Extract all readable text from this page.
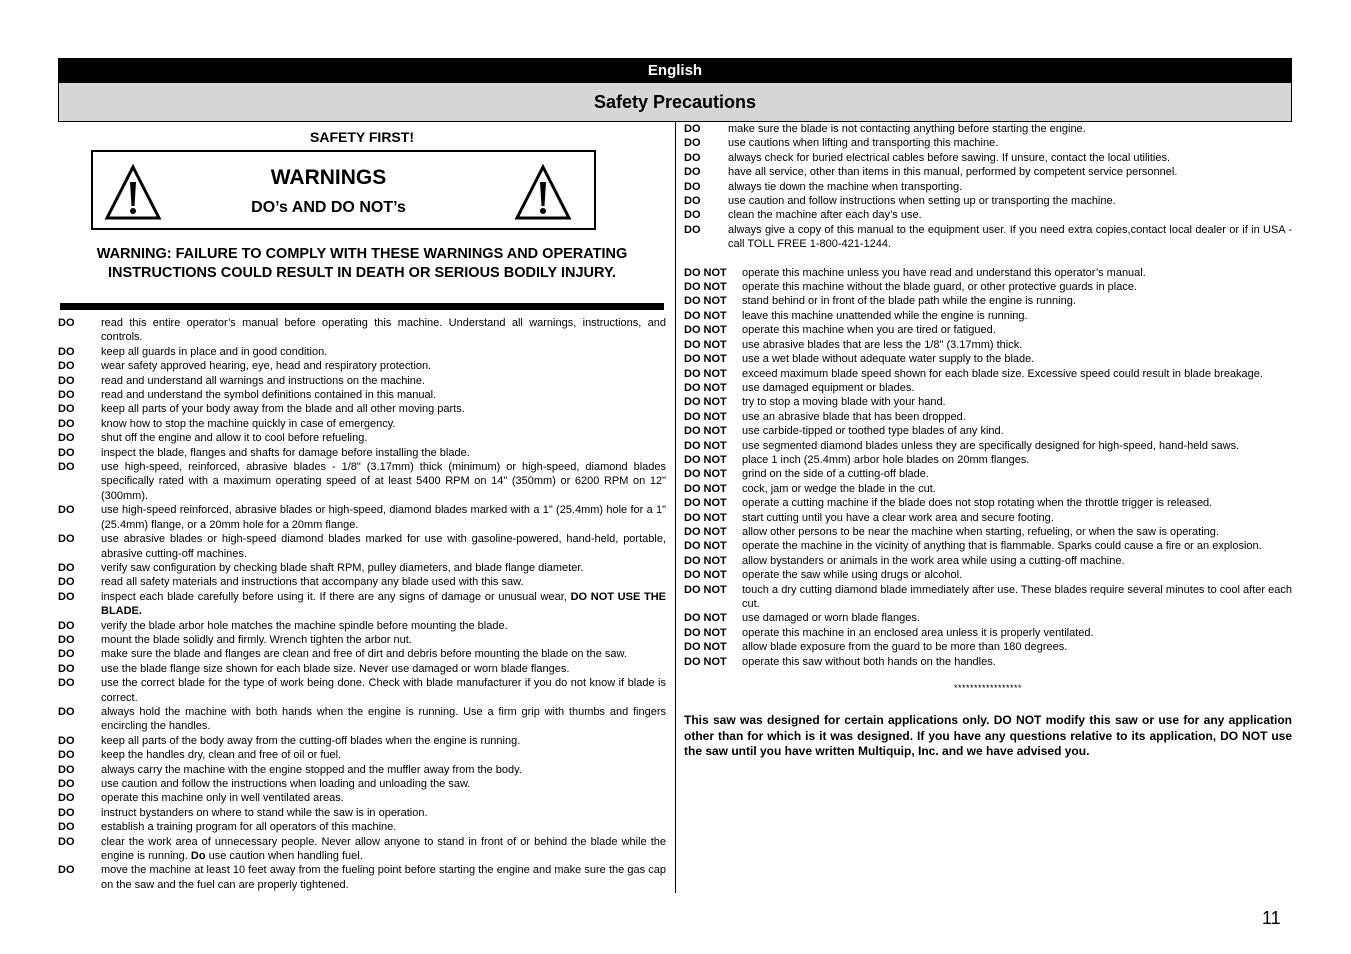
English
Safety Precautions
SAFETY FIRST!
WARNINGS
DO’s AND DO NOT’s
WARNING: FAILURE TO COMPLY WITH THESE WARNINGS AND OPERATING
INSTRUCTIONS COULD RESULT IN DEATH OR SERIOUS BODILY INJURY.
DO	read this entire operator’s manual before operating this machine. Understand all warnings, instructions, and controls.
DO	keep all guards in place and in good condition.
DO	wear safety approved hearing, eye, head and respiratory protection.
DO	read and understand all warnings and instructions on the machine.
DO	read and understand the symbol definitions contained in this manual.
DO	keep all parts of your body away from the blade and all other moving parts.
DO	know how to stop the machine quickly in case of emergency.
DO	shut off the engine and allow it to cool before refueling.
DO	inspect the blade, flanges and shafts for damage before installing the blade.
DO	use high-speed, reinforced, abrasive blades - 1/8" (3.17mm) thick (minimum) or high-speed, diamond blades specifically rated with a maximum operating speed of at least 5400 RPM on 14" (350mm) or 6200 RPM on 12" (300mm).
DO	use high-speed reinforced, abrasive blades or high-speed, diamond blades marked with a 1" (25.4mm) hole for a 1" (25.4mm) flange, or a 20mm hole for a 20mm flange.
DO	use abrasive blades or high-speed diamond blades marked for use with gasoline-powered, hand-held, portable, abrasive cutting-off machines.
DO	verify saw configuration by checking blade shaft RPM, pulley diameters, and blade flange diameter.
DO	read all safety materials and instructions that accompany any blade used with this saw.
DO	inspect each blade carefully before using it. If there are any signs of damage or unusual wear, DO NOT USE THE BLADE.
DO	verify the blade arbor hole matches the machine spindle before mounting the blade.
DO	mount the blade solidly and firmly. Wrench tighten the arbor nut.
DO	make sure the blade and flanges are clean and free of dirt and debris before mounting the blade on the saw.
DO	use the blade flange size shown for each blade size. Never use damaged or worn blade flanges.
DO	use the correct blade for the type of work being done. Check with blade manufacturer if you do not know if blade is correct.
DO	always hold the machine with both hands when the engine is running. Use a firm grip with thumbs and fingers encircling the handles.
DO	keep all parts of the body away from the cutting-off blades when the engine is running.
DO	keep the handles dry, clean and free of oil or fuel.
DO	always carry the machine with the engine stopped and the muffler away from the body.
DO	use caution and follow the instructions when loading and unloading the saw.
DO	operate this machine only in well ventilated areas.
DO	instruct bystanders on where to stand while the saw is in operation.
DO	establish a training program for all operators of this machine.
DO	clear the work area of unnecessary people. Never allow anyone to stand in front of or behind the blade while the engine is running. Do use caution when handling fuel.
DO	move the machine at least 10 feet away from the fueling point before starting the engine and make sure the gas cap on the saw and the fuel can are properly tightened.
DO	make sure the blade is not contacting anything before starting the engine.
DO	use cautions when lifting and transporting this machine.
DO	always check for buried electrical cables before sawing. If unsure, contact the local utilities.
DO	have all service, other than items in this manual, performed by competent service personnel.
DO	always tie down the machine when transporting.
DO	use caution and follow instructions when setting up or transporting the machine.
DO	clean the machine after each day’s use.
DO	always give a copy of this manual to the equipment user. If you need extra copies,contact local dealer or if in USA - call TOLL FREE 1-800-421-1244.
DO NOT	operate this machine unless you have read and understand this operator’s manual.
DO NOT	operate this machine without the blade guard, or other protective guards in place.
DO NOT	stand behind or in front of the blade path while the engine is running.
DO NOT	leave this machine unattended while the engine is running.
DO NOT	operate this machine when you are tired or fatigued.
DO NOT	use abrasive blades that are less the 1/8" (3.17mm) thick.
DO NOT	use a wet blade without adequate water supply to the blade.
DO NOT	exceed maximum blade speed shown for each blade size. Excessive speed could result in blade breakage.
DO NOT	use damaged equipment or blades.
DO NOT	try to stop a moving blade with your hand.
DO NOT	use an abrasive blade that has been dropped.
DO NOT	use carbide-tipped or toothed type blades of any kind.
DO NOT	use segmented diamond blades unless they are specifically designed for high-speed, hand-held saws.
DO NOT	place 1 inch (25.4mm) arbor hole blades on 20mm flanges.
DO NOT	grind on the side of a cutting-off blade.
DO NOT	cock, jam or wedge the blade in the cut.
DO NOT	operate a cutting machine if the blade does not stop rotating when the throttle trigger is released.
DO NOT	start cutting until you have a clear work area and secure footing.
DO NOT	allow other persons to be near the machine when starting, refueling, or when the saw is operating.
DO NOT	operate the machine in the vicinity of anything that is flammable. Sparks could cause a fire or an explosion.
DO NOT	allow bystanders or animals in the work area while using a cutting-off machine.
DO NOT	operate the saw while using drugs or alcohol.
DO NOT	touch a dry cutting diamond blade immediately after use. These blades require several minutes to cool after each cut.
DO NOT	use damaged or worn blade flanges.
DO NOT	operate this machine in an enclosed area unless it is properly ventilated.
DO NOT	allow blade exposure from the guard to be more than 180 degrees.
DO NOT	operate this saw without both hands on the handles.
*****************
This saw was designed for certain applications only. DO NOT modify this saw or use for any application other than for which is it was designed. If you have any questions relative to its application, DO NOT use the saw until you have written Multiquip, Inc. and we have advised you.
11
